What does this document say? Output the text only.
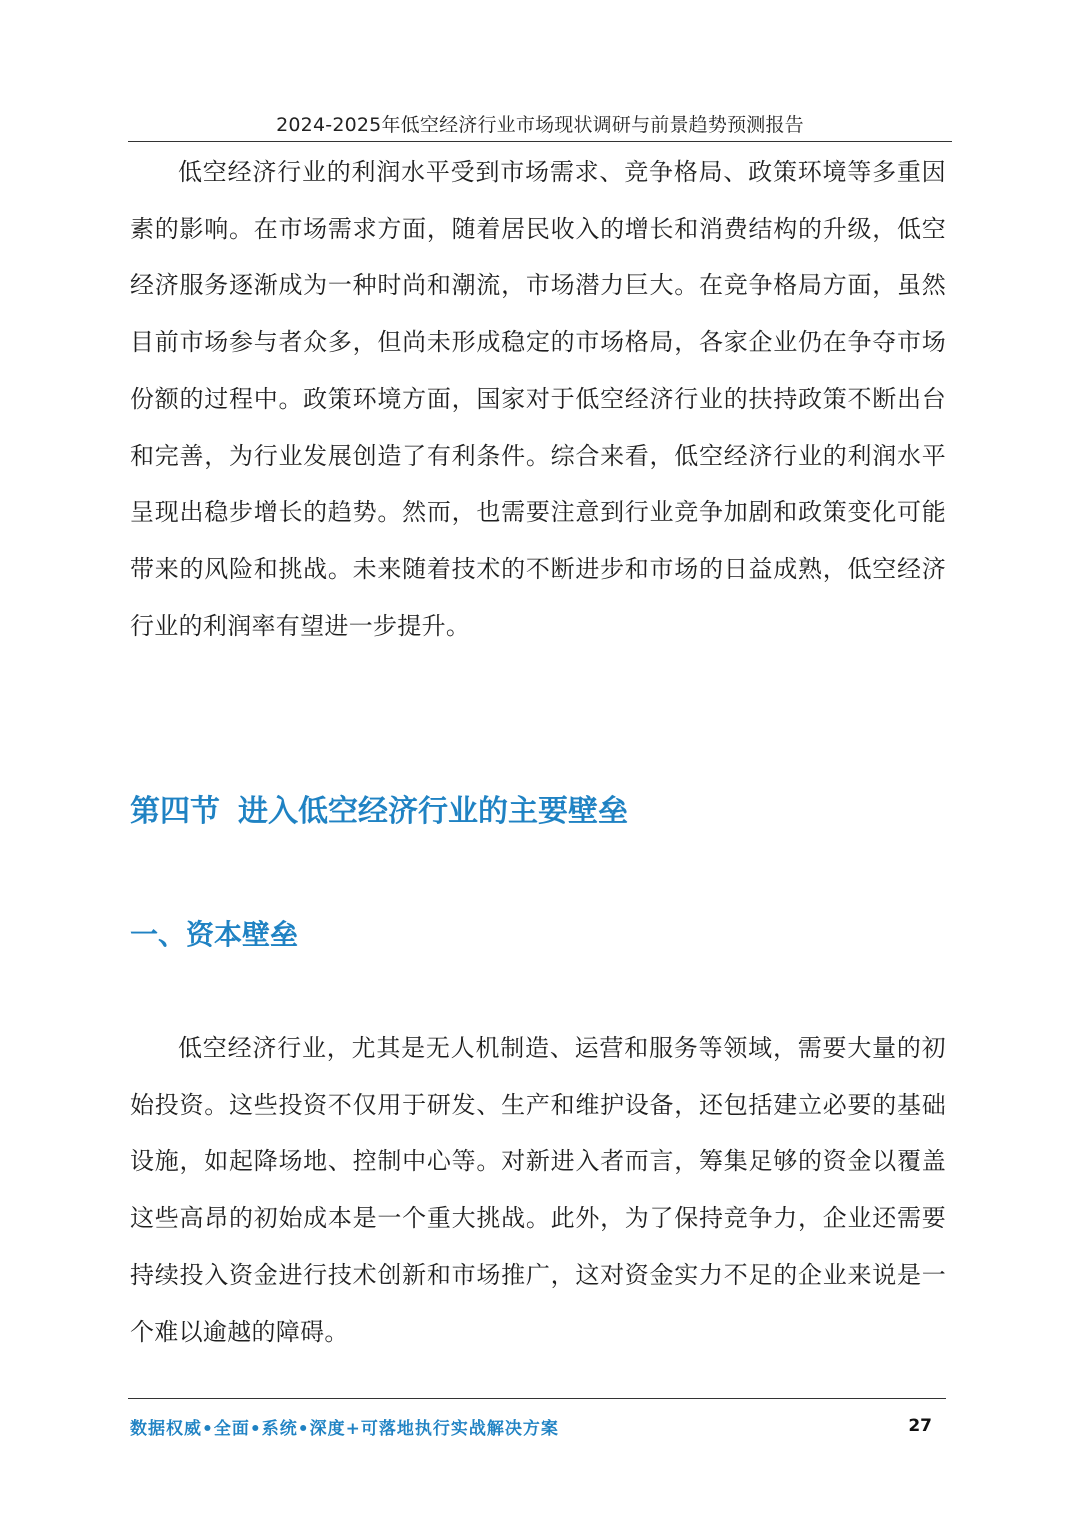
2024-2025年低空经济行业市场现状调研与前景趋势预测报告

低空经济行业的利润水平受到市场需求、竞争格局、政策环境等多重因素的影响。在市场需求方面，随着居民收入的增长和消费结构的升级，低空经济服务逐渐成为一种时尚和潮流，市场潜力巨大。在竞争格局方面，虽然目前市场参与者众多，但尚未形成稳定的市场格局，各家企业仍在争夺市场份额的过程中。政策环境方面，国家对于低空经济行业的扶持政策不断出台和完善，为行业发展创造了有利条件。综合来看，低空经济行业的利润水平呈现出稳步增长的趋势。然而，也需要注意到行业竞争加剧和政策变化可能带来的风险和挑战。未来随着技术的不断进步和市场的日益成熟，低空经济行业的利润率有望进一步提升。

第四节 进入低空经济行业的主要壁垒
一、资本壁垒

低空经济行业，尤其是无人机制造、运营和服务等领域，需要大量的初始投资。这些投资不仅用于研发、生产和维护设备，还包括建立必要的基础设施，如起降场地、控制中心等。对新进入者而言，筹集足够的资金以覆盖这些高昂的初始成本是一个重大挑战。此外，为了保持竞争力，企业还需要持续投入资金进行技术创新和市场推广，这对资金实力不足的企业来说是一个难以逾越的障碍。

数据权威•全面•系统•深度+可落地执行实战解决方案	27
